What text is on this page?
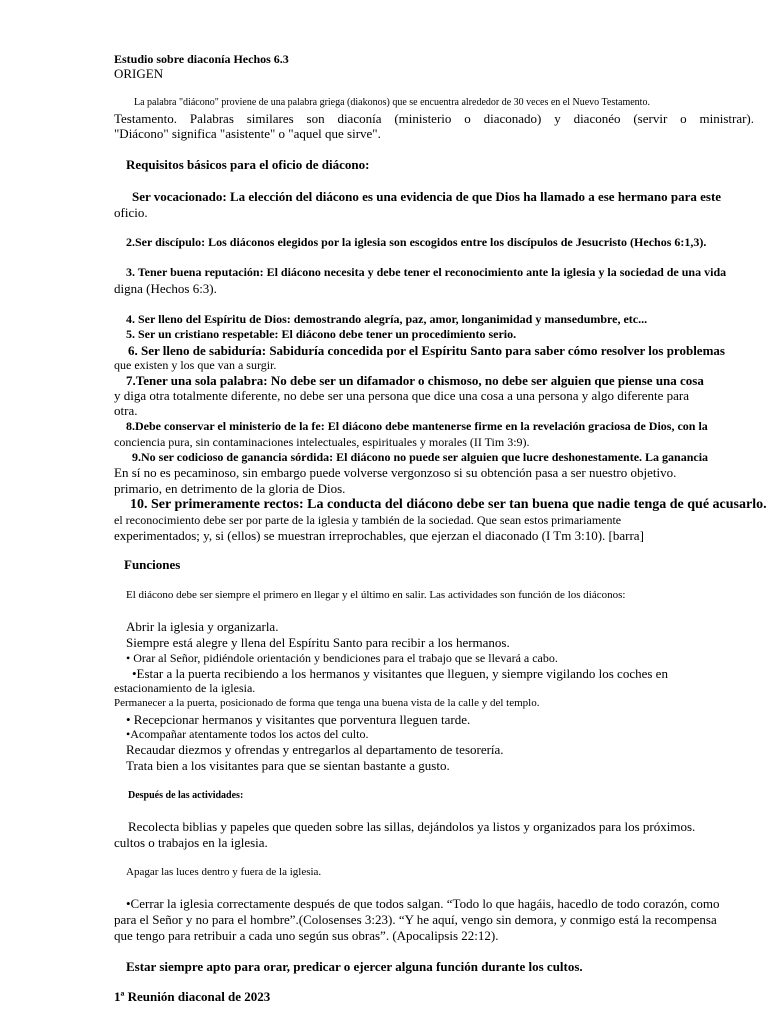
Estudio sobre diaconía Hechos 6.3
ORIGEN
La palabra "diácono" proviene de una palabra griega (diakonos) que se encuentra alrededor de 30 veces en el Nuevo Testamento.
Testamento. Palabras similares son diaconía (ministerio o diaconado) y diaconéo (servir o ministrar).
"Diácono" significa "asistente" o "aquel que sirve".
Requisitos básicos para el oficio de diácono:
Ser vocacionado: La elección del diácono es una evidencia de que Dios ha llamado a ese hermano para este
oficio.
2.Ser discípulo: Los diáconos elegidos por la iglesia son escogidos entre los discípulos de Jesucristo (Hechos 6:1,3).
3. Tener buena reputación: El diácono necesita y debe tener el reconocimiento ante la iglesia y la sociedad de una vida
digna (Hechos 6:3).
4. Ser lleno del Espíritu de Dios: demostrando alegría, paz, amor, longanimidad y mansedumbre, etc...
5. Ser un cristiano respetable: El diácono debe tener un procedimiento serio.
6. Ser lleno de sabiduría: Sabiduría concedida por el Espíritu Santo para saber cómo resolver los problemas
que existen y los que van a surgir.
7.Tener una sola palabra: No debe ser un difamador o chismoso, no debe ser alguien que piense una cosa
y diga otra totalmente diferente, no debe ser una persona que dice una cosa a una persona y algo diferente para
otra.
8.Debe conservar el ministerio de la fe: El diácono debe mantenerse firme en la revelación graciosa de Dios, con la
conciencia pura, sin contaminaciones intelectuales, espirituales y morales (II Tim 3:9).
9.No ser codicioso de ganancia sórdida: El diácono no puede ser alguien que lucre deshonestamente. La ganancia
En sí no es pecaminoso, sin embargo puede volverse vergonzoso si su obtención pasa a ser nuestro objetivo.
primario, en detrimento de la gloria de Dios.
10. Ser primeramente rectos: La conducta del diácono debe ser tan buena que nadie tenga de qué acusarlo.
el reconocimiento debe ser por parte de la iglesia y también de la sociedad. Que sean estos primariamente
experimentados; y, si (ellos) se muestran irreprochables, que ejerzan el diaconado (I Tm 3:10). [barra]
Funciones
El diácono debe ser siempre el primero en llegar y el último en salir. Las actividades son función de los diáconos:
Abrir la iglesia y organizarla.
Siempre está alegre y llena del Espíritu Santo para recibir a los hermanos.
• Orar al Señor, pidiéndole orientación y bendiciones para el trabajo que se llevará a cabo.
•Estar a la puerta recibiendo a los hermanos y visitantes que lleguen, y siempre vigilando los coches en
estacionamiento de la iglesia.
Permanecer a la puerta, posicionado de forma que tenga una buena vista de la calle y del templo.
• Recepcionar hermanos y visitantes que porventura lleguen tarde.
•Acompañar atentamente todos los actos del culto.
Recaudar diezmos y ofrendas y entregarlos al departamento de tesorería.
Trata bien a los visitantes para que se sientan bastante a gusto.
Después de las actividades:
Recolecta biblias y papeles que queden sobre las sillas, dejándolos ya listos y organizados para los próximos.
cultos o trabajos en la iglesia.
Apagar las luces dentro y fuera de la iglesia.
•Cerrar la iglesia correctamente después de que todos salgan. “Todo lo que hagáis, hacedlo de todo corazón, como
para el Señor y no para el hombre”.(Colosenses 3:23). “Y he aquí, vengo sin demora, y conmigo está la recompensa
que tengo para retribuir a cada uno según sus obras”. (Apocalipsis 22:12).
Estar siempre apto para orar, predicar o ejercer alguna función durante los cultos.
1ª Reunión diaconal de 2023
